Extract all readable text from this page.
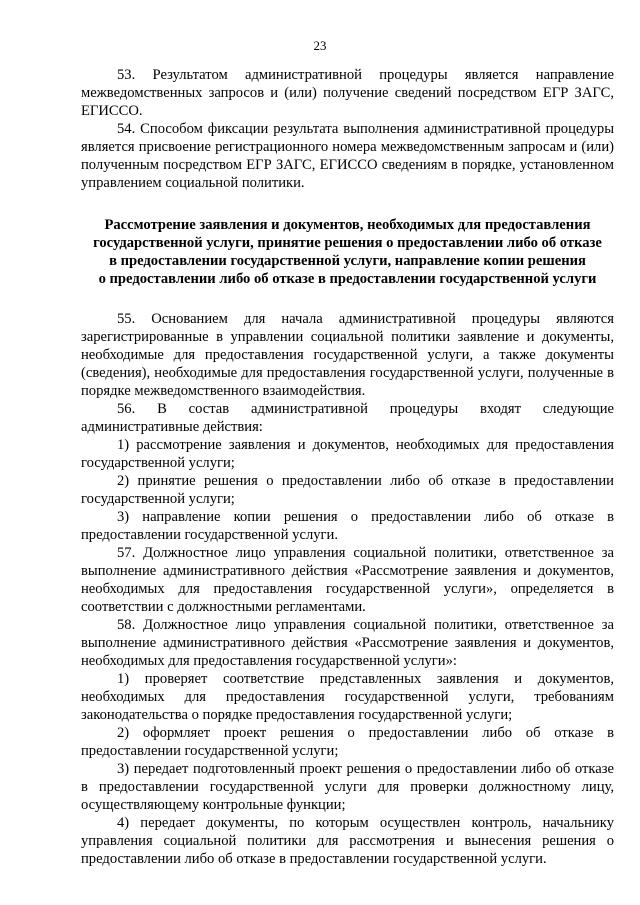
23

53. Результатом административной процедуры является направление межведомственных запросов и (или) получение сведений посредством ЕГР ЗАГС, ЕГИССО.

54. Способом фиксации результата выполнения административной процедуры является присвоение регистрационного номера межведомственным запросам и (или) полученным посредством ЕГР ЗАГС, ЕГИССО сведениям в порядке, установленном управлением социальной политики.

Рассмотрение заявления и документов, необходимых для предоставления
государственной услуги, принятие решения о предоставлении либо об отказе
в предоставлении государственной услуги, направление копии решения
о предоставлении либо об отказе в предоставлении государственной услуги

55. Основанием для начала административной процедуры являются зарегистрированные в управлении социальной политики заявление и документы, необходимые для предоставления государственной услуги, а также документы (сведения), необходимые для предоставления государственной услуги, полученные в порядке межведомственного взаимодействия.

56. В состав административной процедуры входят следующие административные действия:

1) рассмотрение заявления и документов, необходимых для предоставления государственной услуги;

2) принятие решения о предоставлении либо об отказе в предоставлении государственной услуги;

3) направление копии решения о предоставлении либо об отказе в предоставлении государственной услуги.

57. Должностное лицо управления социальной политики, ответственное за выполнение административного действия «Рассмотрение заявления и документов, необходимых для предоставления государственной услуги», определяется в соответствии с должностными регламентами.

58. Должностное лицо управления социальной политики, ответственное за выполнение административного действия «Рассмотрение заявления и документов, необходимых для предоставления государственной услуги»:

1) проверяет соответствие представленных заявления и документов, необходимых для предоставления государственной услуги, требованиям законодательства о порядке предоставления государственной услуги;

2) оформляет проект решения о предоставлении либо об отказе в предоставлении государственной услуги;

3) передает подготовленный проект решения о предоставлении либо об отказе в предоставлении государственной услуги для проверки должностному лицу, осуществляющему контрольные функции;

4) передает документы, по которым осуществлен контроль, начальнику управления социальной политики для рассмотрения и вынесения решения о предоставлении либо об отказе в предоставлении государственной услуги.
